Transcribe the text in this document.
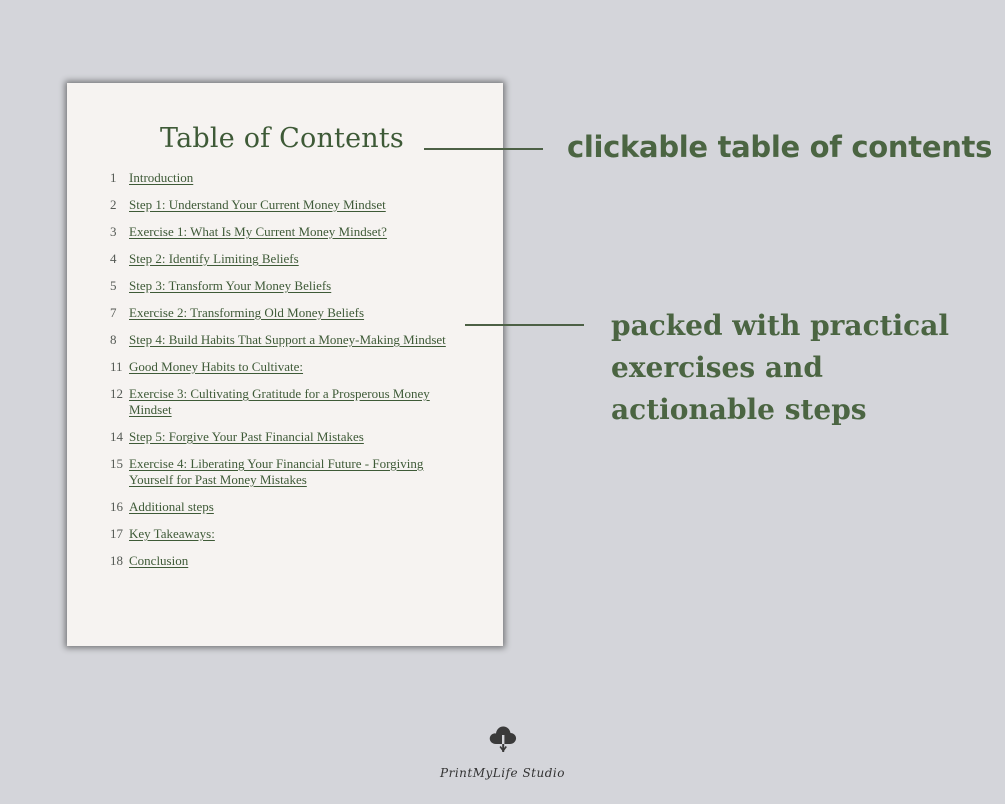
Table of Contents
1 Introduction
2 Step 1: Understand Your Current Money Mindset
3 Exercise 1: What Is My Current Money Mindset?
4 Step 2: Identify Limiting Beliefs
5 Step 3: Transform Your Money Beliefs
7 Exercise 2: Transforming Old Money Beliefs
8 Step 4: Build Habits That Support a Money-Making Mindset
11 Good Money Habits to Cultivate:
12 Exercise 3: Cultivating Gratitude for a Prosperous Money Mindset
14 Step 5: Forgive Your Past Financial Mistakes
15 Exercise 4: Liberating Your Financial Future - Forgiving Yourself for Past Money Mistakes
16 Additional steps
17 Key Takeaways:
18 Conclusion
clickable table of contents
packed with practical exercises and actionable steps
PrintMyLife Studio
